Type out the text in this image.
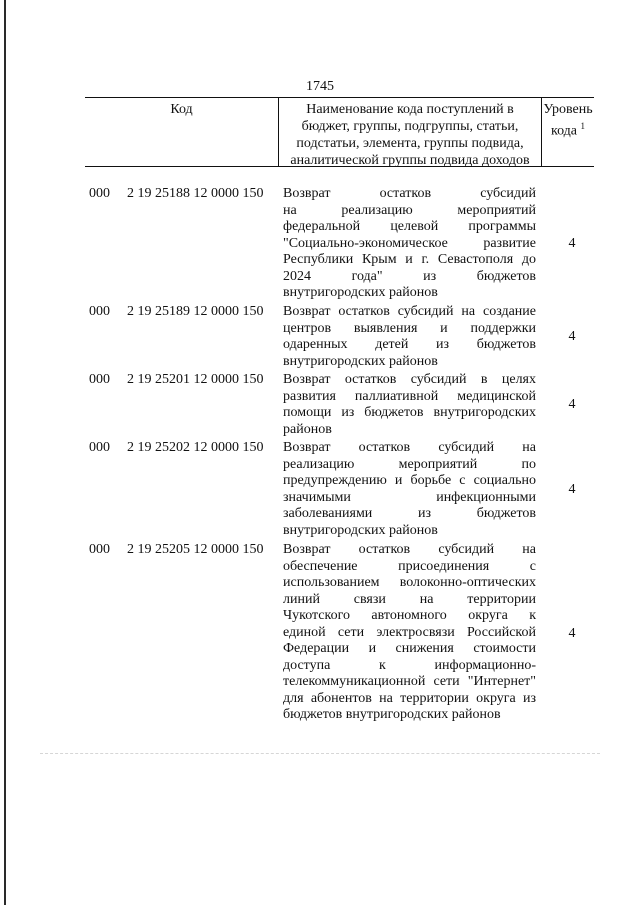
1745
Код	Наименование кода поступлений в
бюджет, группы, подгруппы, статьи,
подстатьи, элемента, группы подвида,
аналитической группы подвида доходов
Уровень
кода $^1$
000 2 19 25188 12 0000 150 Возврат остатков субсидий
на реализацию мероприятий
федеральной целевой программы
"Социально-экономическое развитие
Республики Крым и г. Севастополя до
2024 года" из бюджетов
внутригородских районов
4
000 2 19 25189 12 0000 150 Возврат остатков субсидий на создание
центров выявления и поддержки
одаренных детей из бюджетов
внутригородских районов
4
000 2 19 25201 12 0000 150 Возврат остатков субсидий в целях
развития паллиативной медицинской
помощи из бюджетов внутригородских
районов
4
000 2 19 25202 12 0000 150 Возврат остатков субсидий на
реализацию мероприятий по
предупреждению и борьбе с социально
значимыми инфекционными
заболеваниями из бюджетов
внутригородских районов
4
000 2 19 25205 12 0000 150 Возврат остатков субсидий на
обеспечение присоединения с
использованием волоконно-оптических
линий связи на территории
Чукотского автономного округа к
единой сети электросвязи Российской
Федерации и снижения стоимости
доступа к информационно-
телекоммуникационной сети "Интернет"
для абонентов на территории округа из
бюджетов внутригородских районов
4
